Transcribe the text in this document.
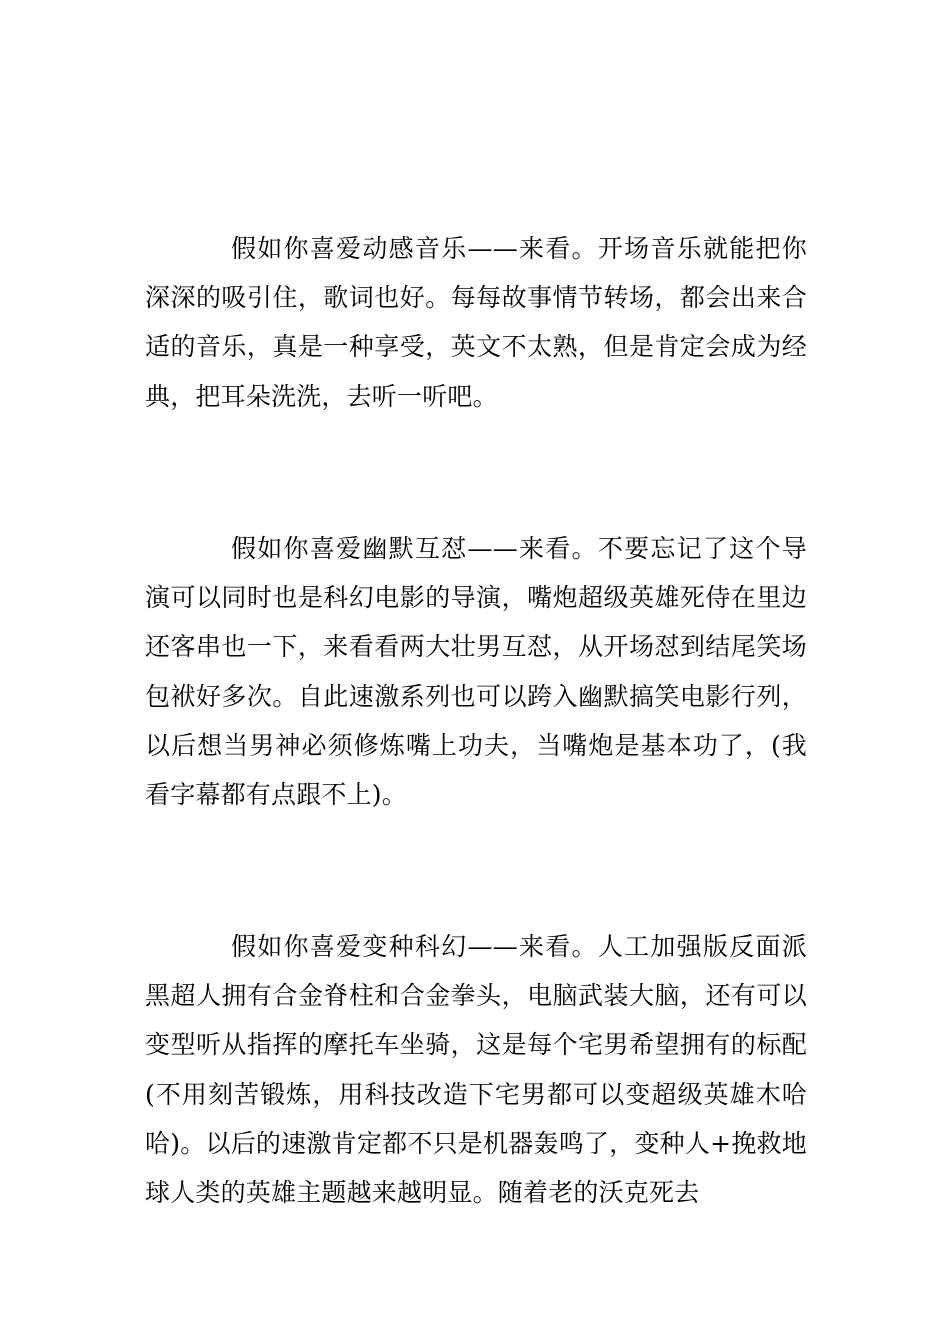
假如你喜爱动感音乐——来看。开场音乐就能把你深深的吸引住，歌词也好。每每故事情节转场，都会出来合适的音乐，真是一种享受，英文不太熟，但是肯定会成为经典，把耳朵洗洗，去听一听吧。

假如你喜爱幽默互怼——来看。不要忘记了这个导演可以同时也是科幻电影的导演，嘴炮超级英雄死侍在里边还客串也一下，来看看两大壮男互怼，从开场怼到结尾笑场包袱好多次。自此速激系列也可以跨入幽默搞笑电影行列，以后想当男神必须修炼嘴上功夫，当嘴炮是基本功了，(我看字幕都有点跟不上)。

假如你喜爱变种科幻——来看。人工加强版反面派黑超人拥有合金脊柱和合金拳头，电脑武装大脑，还有可以变型听从指挥的摩托车坐骑，这是每个宅男希望拥有的标配(不用刻苦锻炼，用科技改造下宅男都可以变超级英雄木哈哈)。以后的速激肯定都不只是机器轰鸣了，变种人+挽救地球人类的英雄主题越来越明显。随着老的沃克死去
